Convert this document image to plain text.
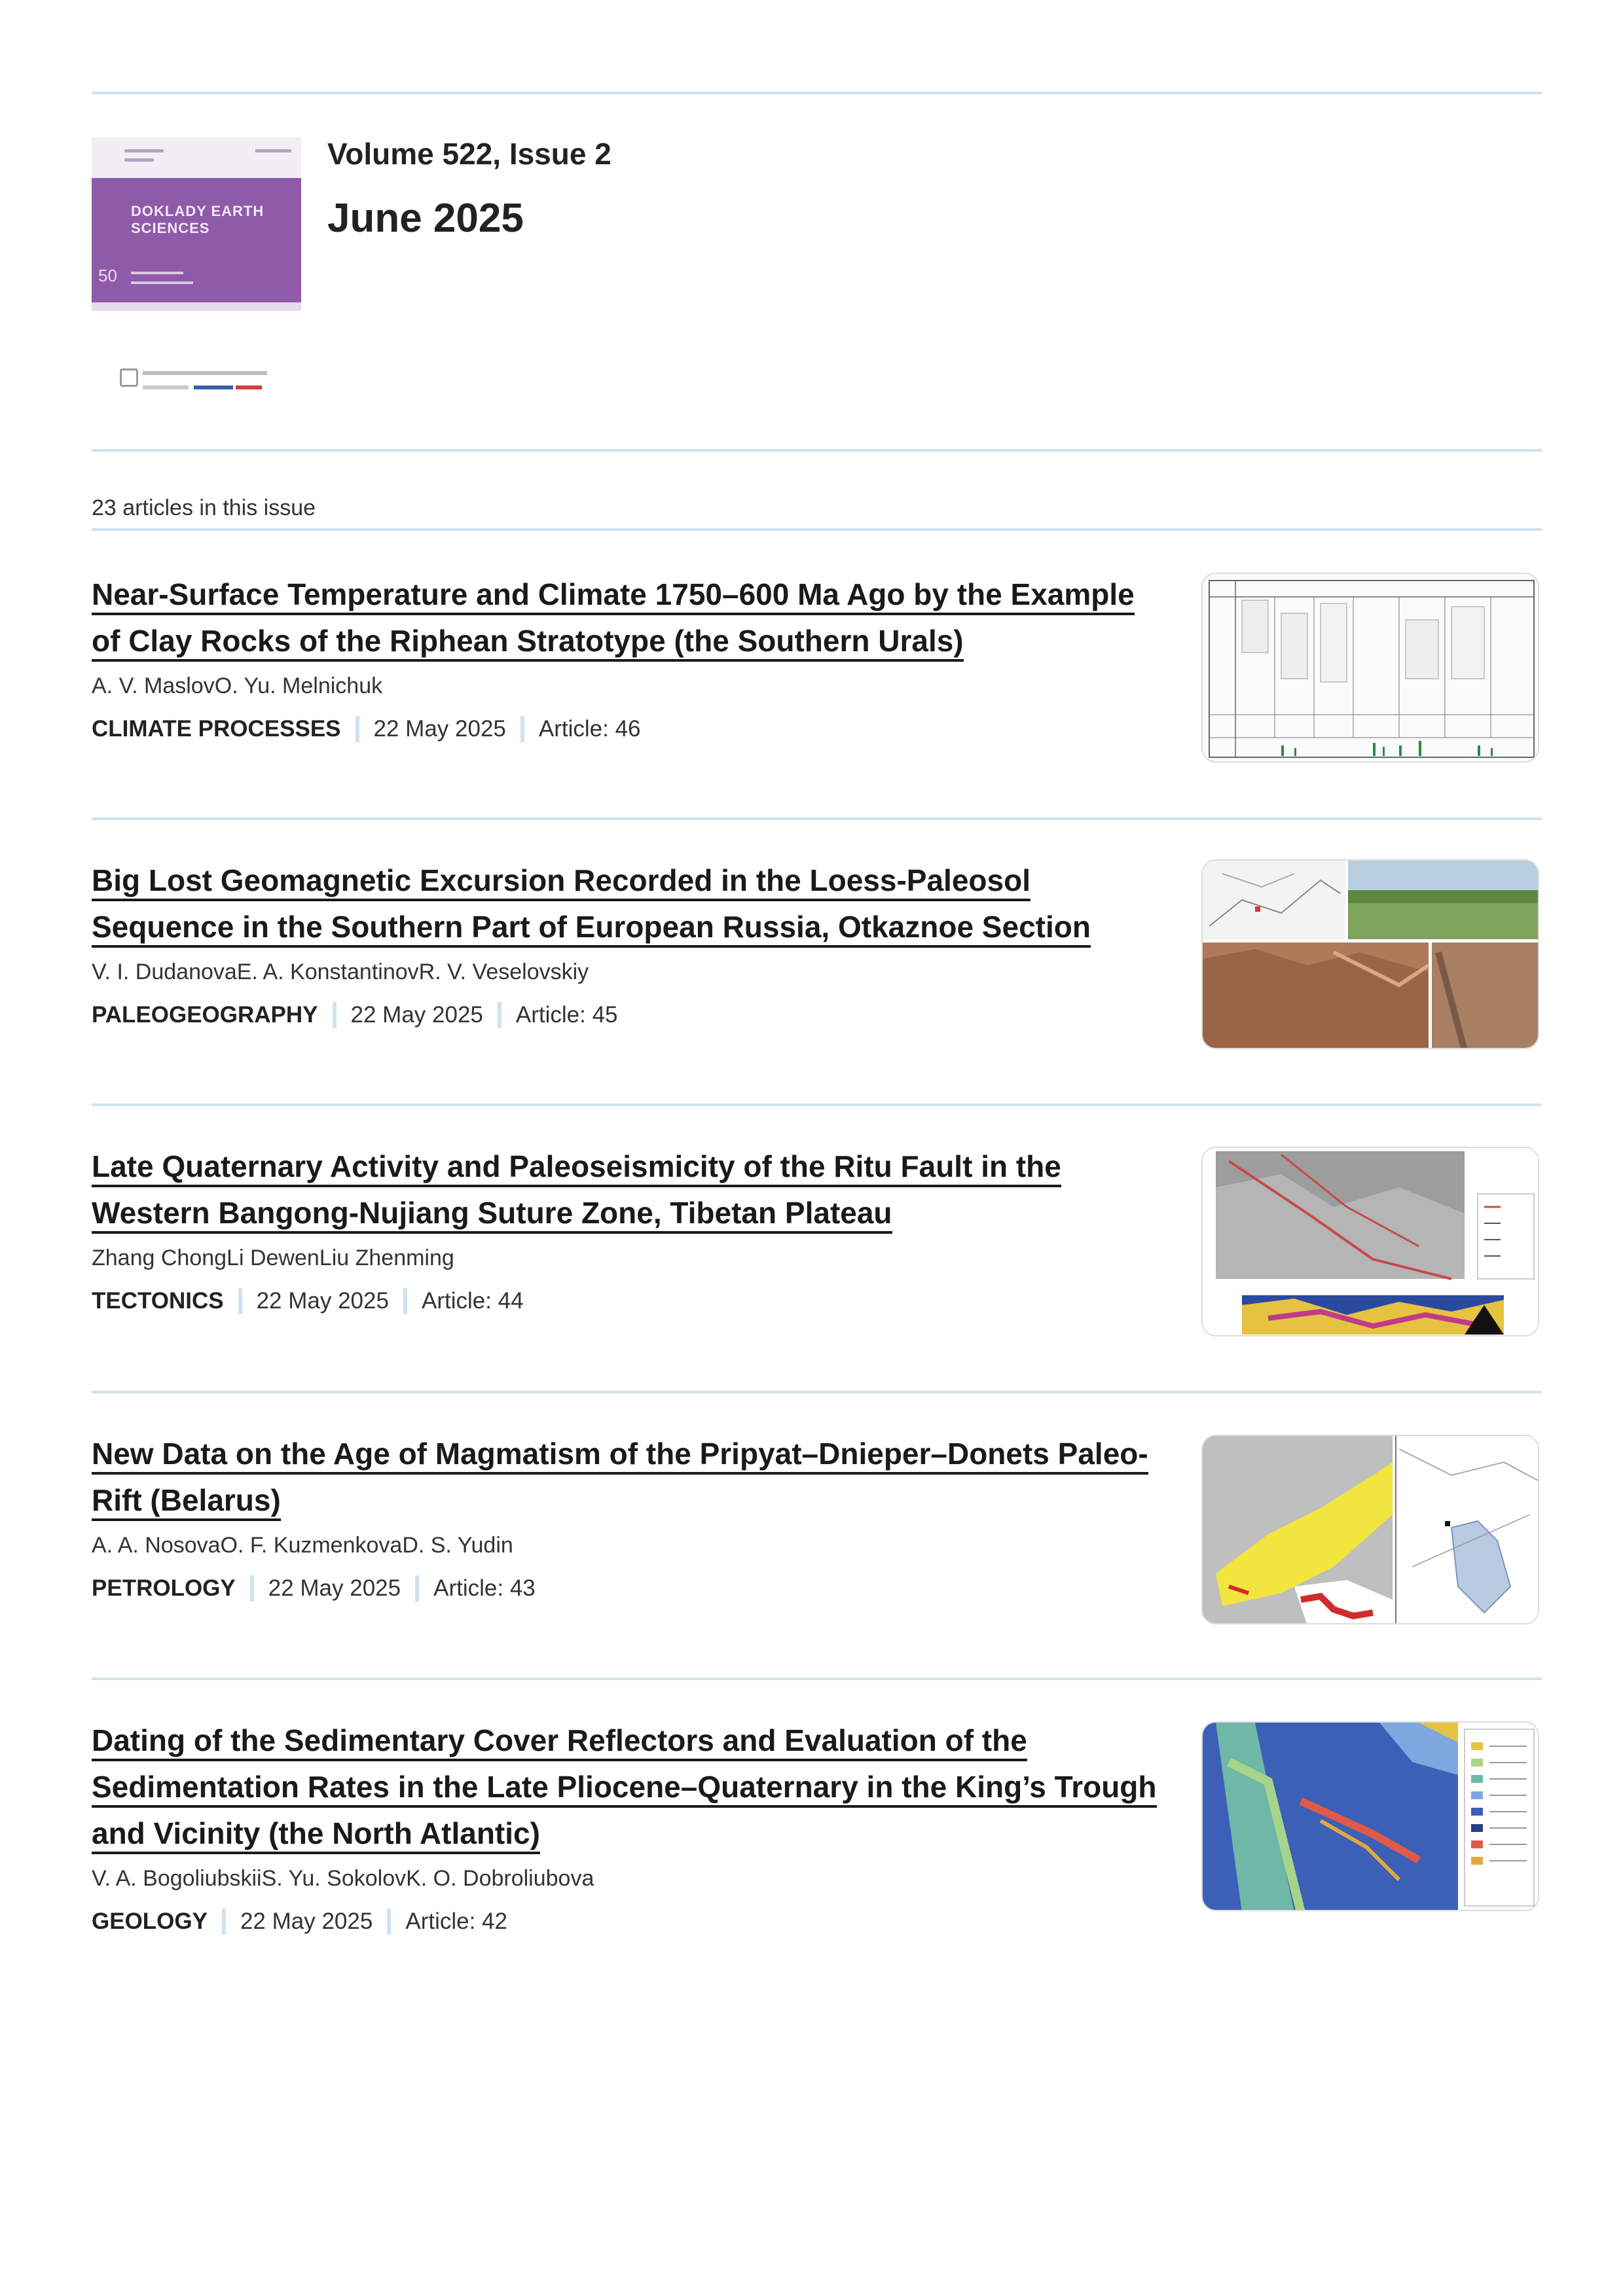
DOKLADY EARTH
SCIENCES
50
Volume 522, Issue 2
June 2025
23 articles in this issue
Near-Surface Temperature and Climate 1750–600 Ma Ago by the Example of Clay Rocks of the Riphean Stratotype (the Southern Urals)
A. V. MaslovO. Yu. Melnichuk
CLIMATE PROCESSES 22 May 2025 Article: 46
Big Lost Geomagnetic Excursion Recorded in the Loess-Paleosol Sequence in the Southern Part of European Russia, Otkaznoe Section
V. I. DudanovaE. A. KonstantinovR. V. Veselovskiy
PALEOGEOGRAPHY 22 May 2025 Article: 45
Late Quaternary Activity and Paleoseismicity of the Ritu Fault in the Western Bangong-Nujiang Suture Zone, Tibetan Plateau
Zhang ChongLi DewenLiu Zhenming
TECTONICS 22 May 2025 Article: 44
New Data on the Age of Magmatism of the Pripyat–Dnieper–Donets Paleo-Rift (Belarus)
A. A. NosovaO. F. KuzmenkovaD. S. Yudin
PETROLOGY 22 May 2025 Article: 43
Dating of the Sedimentary Cover Reflectors and Evaluation of the Sedimentation Rates in the Late Pliocene–Quaternary in the King’s Trough and Vicinity (the North Atlantic)
V. A. BogoliubskiiS. Yu. SokolovK. O. Dobroliubova
GEOLOGY 22 May 2025 Article: 42
